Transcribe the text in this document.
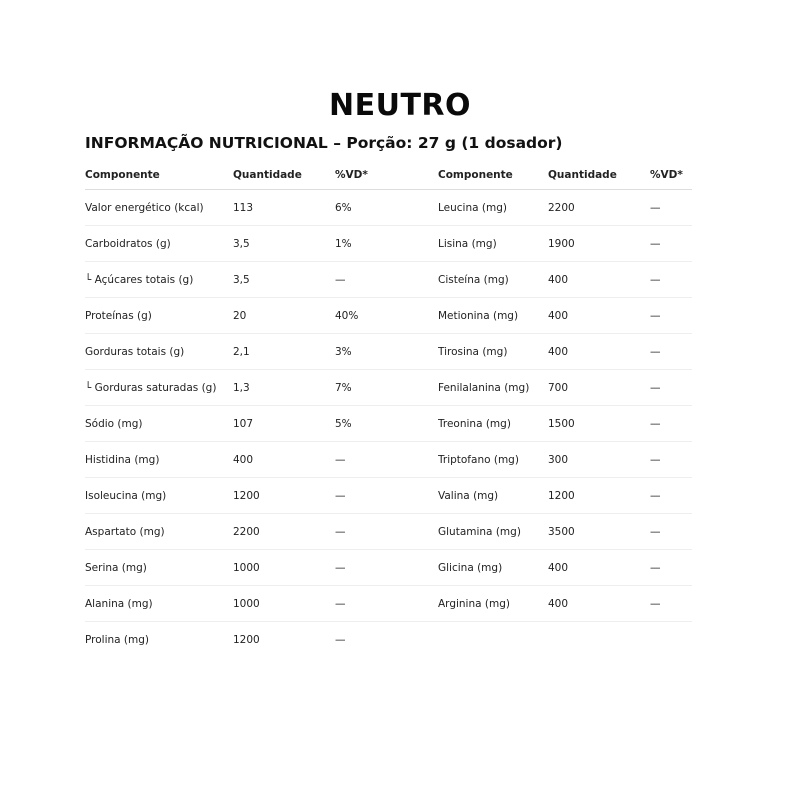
NEUTRO
INFORMAÇÃO NUTRICIONAL – Porção: 27 g (1 dosador)
Componente	Quantidade	%VD*	Componente	Quantidade	%VD*
Valor energético (kcal)	113	6%	Leucina (mg)	2200	—
Carboidratos (g)	3,5	1%	Lisina (mg)	1900	—
└ Açúcares totais (g)	3,5	—	Cisteína (mg)	400	—
Proteínas (g)	20	40%	Metionina (mg)	400	—
Gorduras totais (g)	2,1	3%	Tirosina (mg)	400	—
└ Gorduras saturadas (g)	1,3	7%	Fenilalanina (mg)	700	—
Sódio (mg)	107	5%	Treonina (mg)	1500	—
Histidina (mg)	400	—	Triptofano (mg)	300	—
Isoleucina (mg)	1200	—	Valina (mg)	1200	—
Aspartato (mg)	2200	—	Glutamina (mg)	3500	—
Serina (mg)	1000	—	Glicina (mg)	400	—
Alanina (mg)	1000	—	Arginina (mg)	400	—
Prolina (mg)	1200	—			
